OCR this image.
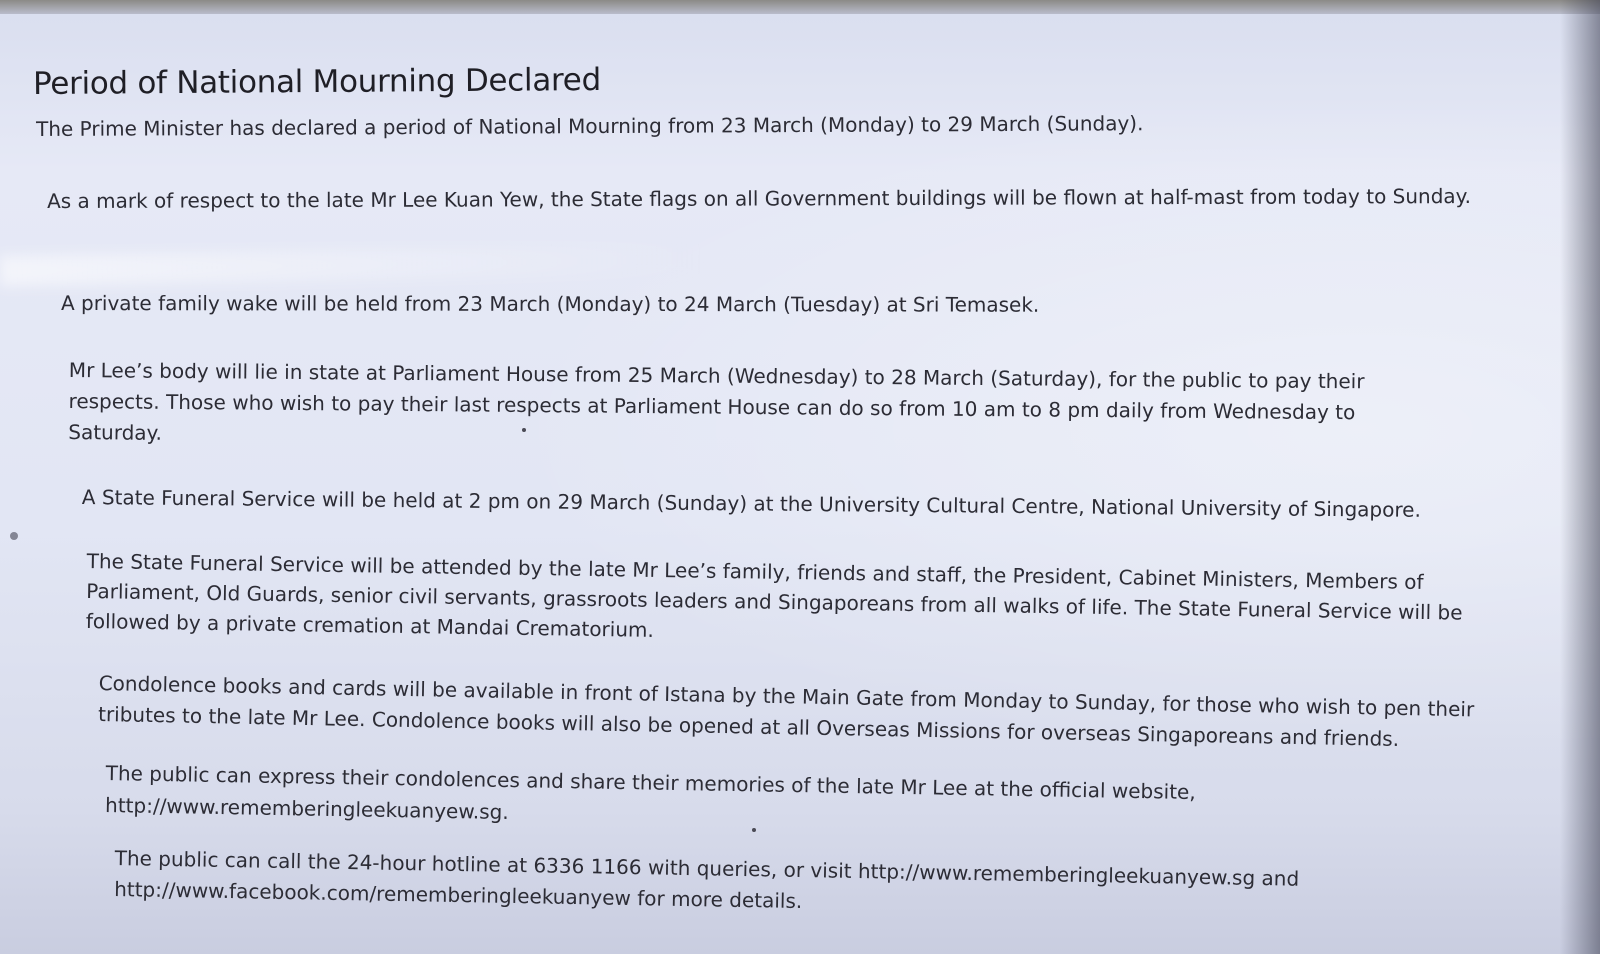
Period of National Mourning Declared

The Prime Minister has declared a period of National Mourning from 23 March (Monday) to 29 March (Sunday).

As a mark of respect to the late Mr Lee Kuan Yew, the State flags on all Government buildings will be flown at half-mast from today to Sunday.

A private family wake will be held from 23 March (Monday) to 24 March (Tuesday) at Sri Temasek.

Mr Lee’s body will lie in state at Parliament House from 25 March (Wednesday) to 28 March (Saturday), for the public to pay their respects. Those who wish to pay their last respects at Parliament House can do so from 10 am to 8 pm daily from Wednesday to Saturday.

A State Funeral Service will be held at 2 pm on 29 March (Sunday) at the University Cultural Centre, National University of Singapore.

The State Funeral Service will be attended by the late Mr Lee’s family, friends and staff, the President, Cabinet Ministers, Members of Parliament, Old Guards, senior civil servants, grassroots leaders and Singaporeans from all walks of life. The State Funeral Service will be followed by a private cremation at Mandai Crematorium.

Condolence books and cards will be available in front of Istana by the Main Gate from Monday to Sunday, for those who wish to pen their tributes to the late Mr Lee. Condolence books will also be opened at all Overseas Missions for overseas Singaporeans and friends.

The public can express their condolences and share their memories of the late Mr Lee at the official website, http://www.rememberingleekuanyew.sg.

The public can call the 24-hour hotline at 6336 1166 with queries, or visit http://www.rememberingleekuanyew.sg and http://www.facebook.com/rememberingleekuanyew for more details.
